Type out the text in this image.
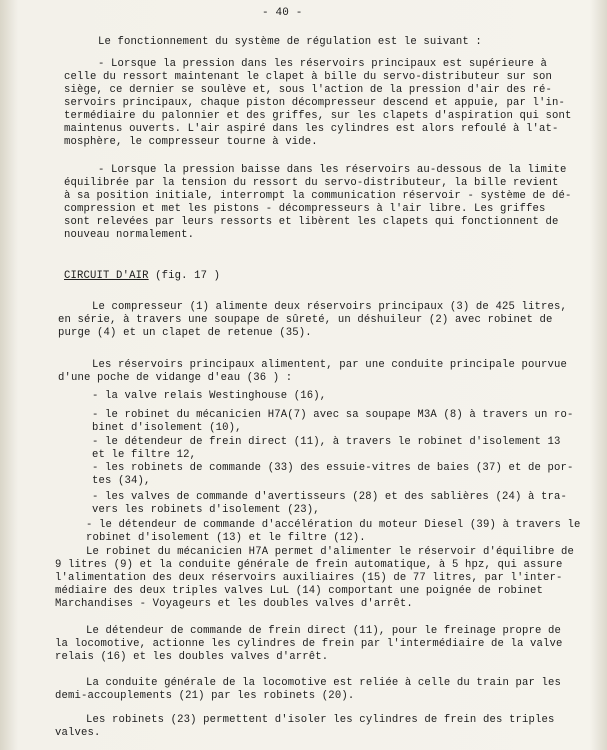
- 40 -
Le fonctionnement du système de régulation est le suivant :
- Lorsque la pression dans les réservoirs principaux est supérieure à
celle du ressort maintenant le clapet à bille du servo-distributeur sur son
siège, ce dernier se soulève et, sous l'action de la pression d'air des ré-
servoirs principaux, chaque piston décompresseur descend et appuie, par l'in-
termédiaire du palonnier et des griffes, sur les clapets d'aspiration qui sont
maintenus ouverts. L'air aspiré dans les cylindres est alors refoulé à l'at-
mosphère, le compresseur tourne à vide.
- Lorsque la pression baisse dans les réservoirs au-dessous de la limite
équilibrée par la tension du ressort du servo-distributeur, la bille revient
à sa position initiale, interrompt la communication réservoir - système de dé-
compression et met les pistons - décompresseurs à l'air libre. Les griffes
sont relevées par leurs ressorts et libèrent les clapets qui fonctionnent de
nouveau normalement.
CIRCUIT D'AIR (fig. 17 )
Le compresseur (1) alimente deux réservoirs principaux (3) de 425 litres,
en série, à travers une soupape de sûreté, un déshuileur (2) avec robinet de
purge (4) et un clapet de retenue (35).
Les réservoirs principaux alimentent, par une conduite principale pourvue
d'une poche de vidange d'eau (36 ) :
- la valve relais Westinghouse (16),
- le robinet du mécanicien H7A(7) avec sa soupape M3A (8) à travers un ro-
binet d'isolement (10),
- le détendeur de frein direct (11), à travers le robinet d'isolement 13
et le filtre 12,
- les robinets de commande (33) des essuie-vitres de baies (37) et de por-
tes (34),
- les valves de commande d'avertisseurs (28) et des sablières (24) à tra-
vers les robinets d'isolement (23),
- le détendeur de commande d'accélération du moteur Diesel (39) à travers le
robinet d'isolement (13) et le filtre (12).
Le robinet du mécanicien H7A permet d'alimenter le réservoir d'équilibre de
9 litres (9) et la conduite générale de frein automatique, à 5 hpz, qui assure
l'alimentation des deux réservoirs auxiliaires (15) de 77 litres, par l'inter-
médiaire des deux triples valves LuL (14) comportant une poignée de robinet
Marchandises - Voyageurs et les doubles valves d'arrêt.
Le détendeur de commande de frein direct (11), pour le freinage propre de
la locomotive, actionne les cylindres de frein par l'intermédiaire de la valve
relais (16) et les doubles valves d'arrêt.
La conduite générale de la locomotive est reliée à celle du train par les
demi-accouplements (21) par les robinets (20).
Les robinets (23) permettent d'isoler les cylindres de frein des triples
valves.
